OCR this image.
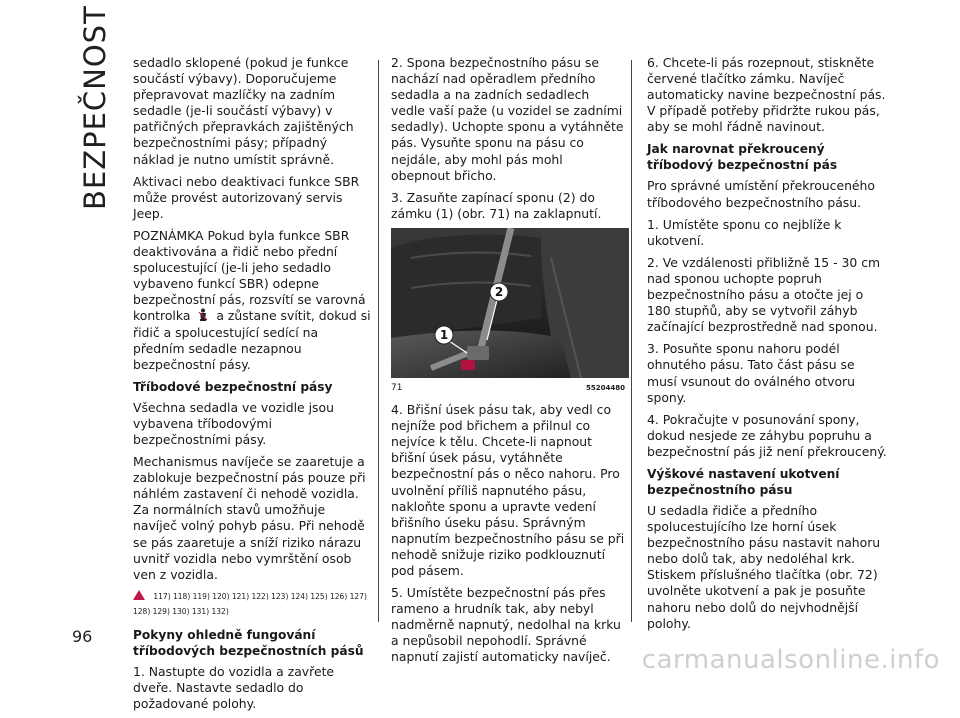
BEZPEČNOST
96

sedadlo sklopené (pokud je funkce součástí výbavy). Doporučujeme přepravovat mazlíčky na zadním sedadle (je-li součástí výbavy) v patřičných přepravkách zajištěných bezpečnostními pásy; případný náklad je nutno umístit správně.

Aktivaci nebo deaktivaci funkce SBR může provést autorizovaný servis Jeep.

POZNÁMKA Pokud byla funkce SBR deaktivována a řidič nebo přední spolucestující (je-li jeho sedadlo vybaveno funkcí SBR) odepne bezpečnostní pás, rozsvítí se varovná kontrolka a zůstane svítit, dokud si řidič a spolucestující sedící na předním sedadle nezapnou bezpečnostní pásy.

Tříbodové bezpečnostní pásy

Všechna sedadla ve vozidle jsou vybavena tříbodovými bezpečnostními pásy.

Mechanismus navíječe se zaaretuje a zablokuje bezpečnostní pás pouze při náhlém zastavení či nehodě vozidla. Za normálních stavů umožňuje navíječ volný pohyb pásu. Při nehodě se pás zaaretuje a sníží riziko nárazu uvnitř vozidla nebo vymrštění osob ven z vozidla.

117) 118) 119) 120) 121) 122) 123) 124) 125) 126) 127) 128) 129) 130) 131) 132)
Pokyny ohledně fungování tříbodových bezpečnostních pásů

1. Nastupte do vozidla a zavřete dveře. Nastavte sedadlo do požadované polohy.

2. Spona bezpečnostního pásu se nachází nad opěradlem předního sedadla a na zadních sedadlech vedle vaší paže (u vozidel se zadními sedadly). Uchopte sponu a vytáhněte pás. Vysuňte sponu na pásu co nejdále, aby mohl pás mohl obepnout břicho.

3. Zasuňte zapínací sponu (2) do zámku (1) (obr. 71) na zaklapnutí.

1
2
71	55204480

4. Břišní úsek pásu tak, aby vedl co nejníže pod břichem a přilnul co nejvíce k tělu. Chcete-li napnout břišní úsek pásu, vytáhněte bezpečnostní pás o něco nahoru. Pro uvolnění příliš napnutého pásu, nakloňte sponu a upravte vedení břišního úseku pásu. Správným napnutím bezpečnostního pásu se při nehodě snižuje riziko podklouznutí pod pásem.

5. Umístěte bezpečnostní pás přes rameno a hrudník tak, aby nebyl nadměrně napnutý, nedolhal na krku a nepůsobil nepohodlí. Správné napnutí zajistí automaticky navíječ.

6. Chcete-li pás rozepnout, stiskněte červené tlačítko zámku. Navíječ automaticky navine bezpečnostní pás. V případě potřeby přidržte rukou pás, aby se mohl řádně navinout.

Jak narovnat překroucený tříbodový bezpečnostní pás

Pro správné umístění překrouceného tříbodového bezpečnostního pásu.

1. Umístěte sponu co nejblíže k ukotvení.

2. Ve vzdálenosti přibližně 15 - 30 cm nad sponou uchopte popruh bezpečnostního pásu a otočte jej o 180 stupňů, aby se vytvořil záhyb začínající bezprostředně nad sponou.

3. Posuňte sponu nahoru podél ohnutého pásu. Tato část pásu se musí vsunout do oválného otvoru spony.

4. Pokračujte v posunování spony, dokud nesjede ze záhybu popruhu a bezpečnostní pás již není překroucený.

Výškové nastavení ukotvení bezpečnostního pásu

U sedadla řidiče a předního spolucestujícího lze horní úsek bezpečnostního pásu nastavit nahoru nebo dolů tak, aby nedoléhal krk. Stiskem příslušného tlačítka (obr. 72) uvolněte ukotvení a pak je posuňte nahoru nebo dolů do nejvhodnější polohy.

carmanualsonline.info
